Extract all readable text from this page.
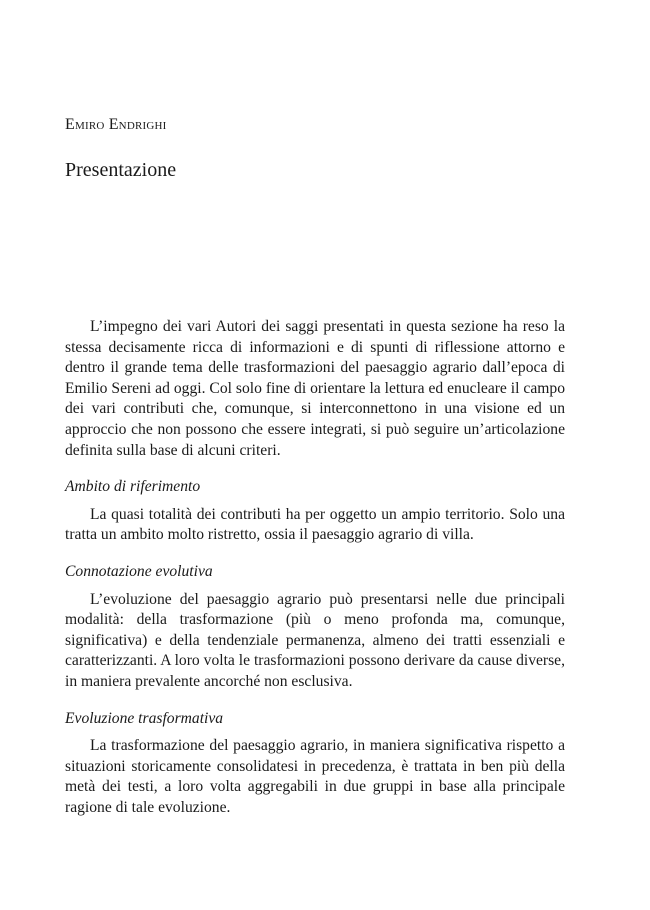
Emiro Endrighi
Presentazione

L’impegno dei vari Autori dei saggi presentati in questa sezione ha reso la stessa decisamente ricca di informazioni e di spunti di riflessione attorno e dentro il grande tema delle trasformazioni del paesaggio agrario dall’epoca di Emilio Sereni ad oggi. Col solo fine di orientare la lettura ed enucleare il campo dei vari contributi che, comunque, si interconnettono in una visione ed un approccio che non possono che essere integrati, si può seguire un’articolazione definita sulla base di alcuni criteri.

Ambito di riferimento

La quasi totalità dei contributi ha per oggetto un ampio territorio. Solo una tratta un ambito molto ristretto, ossia il paesaggio agrario di villa.

Connotazione evolutiva

L’evoluzione del paesaggio agrario può presentarsi nelle due principali modalità: della trasformazione (più o meno profonda ma, comunque, significativa) e della tendenziale permanenza, almeno dei tratti essenziali e caratterizzanti. A loro volta le trasformazioni possono derivare da cause diverse, in maniera prevalente ancorché non esclusiva.

Evoluzione trasformativa

La trasformazione del paesaggio agrario, in maniera significativa rispetto a situazioni storicamente consolidatesi in precedenza, è trattata in ben più della metà dei testi, a loro volta aggregabili in due gruppi in base alla principale ragione di tale evoluzione.
